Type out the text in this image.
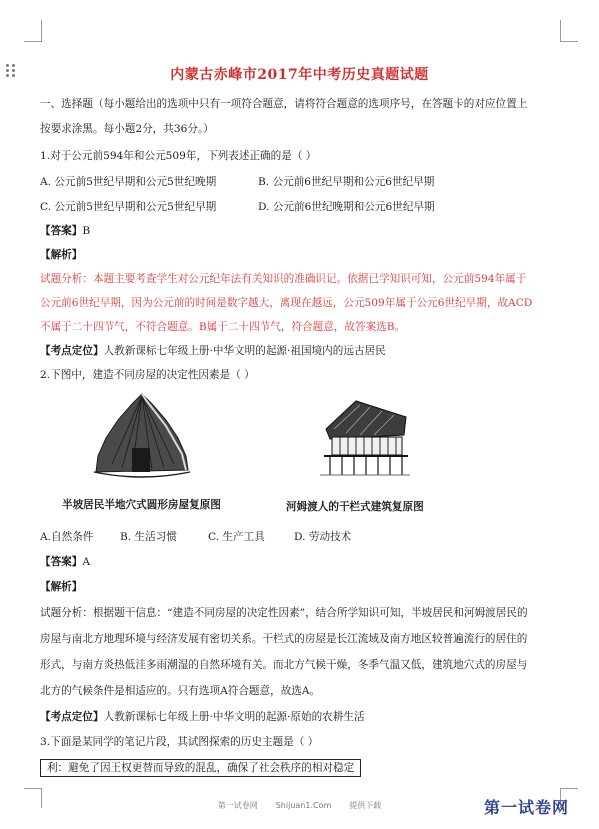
内蒙古赤峰市2017年中考历史真题试题
一、选择题（每小题给出的选项中只有一项符合题意，请将符合题意的选项序号，在答题卡的对应位置上
按要求涂黑。每小题2分，共36分。）
1.对于公元前594年和公元509年，下列表述正确的是（ ）
A. 公元前5世纪早期和公元5世纪晚期	B. 公元前6世纪早期和公元6世纪早期
C. 公元前5世纪早期和公元5世纪早期	D. 公元前6世纪晚期和公元6世纪早期
【答案】B
【解析】
试题分析：本题主要考查学生对公元纪年法有关知识的准确识记。依据已学知识可知，公元前594年属于
公元前6世纪早期，因为公元前的时间是数字越大，离现在越远，公元509年属于公元6世纪早期，故ACD
不属于二十四节气，不符合题意。B属于二十四节气，符合题意，故答案选B。
【考点定位】人教新课标七年级上册·中华文明的起源·祖国境内的远古居民
2.下图中，建造不同房屋的决定性因素是（ ）
半坡居民半地穴式圆形房屋复原图	河姆渡人的干栏式建筑复原图
A.自然条件	B. 生活习惯	C. 生产工具	D. 劳动技术
【答案】A
【解析】
试题分析：根据题干信息：“建造不同房屋的决定性因素”，结合所学知识可知，半坡居民和河姆渡居民的
房屋与南北方地理环境与经济发展有密切关系。干栏式的房屋是长江流域及南方地区较普遍流行的居住的
形式，与南方炎热低洼多雨潮湿的自然环境有关。而北方气候干燥，冬季气温又低，建筑地穴式的房屋与
北方的气候条件是相适应的。只有选项A符合题意，故选A。
【考点定位】人教新课标七年级上册·中华文明的起源·原始的农耕生活
3.下面是某同学的笔记片段，其试图探索的历史主题是（ ）
利：避免了因王权更替而导致的混乱，确保了社会秩序的相对稳定
第一试卷网 Shijuan1.Com 提供下载	第一试卷网
